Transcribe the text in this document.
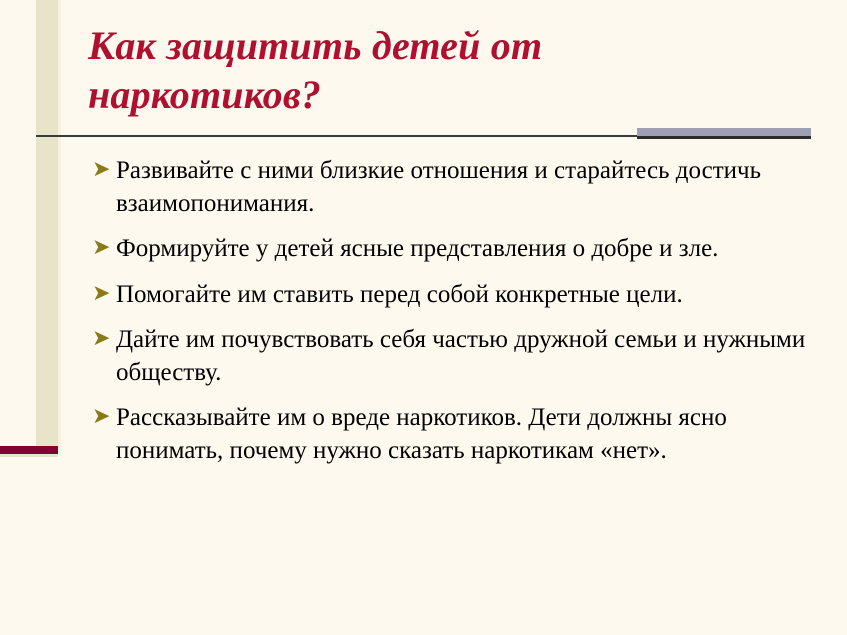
Как защитить детей от наркотиков?
➤ Развивайте с ними близкие отношения и старайтесь достичь взаимопонимания.
➤ Формируйте у детей ясные представления о добре и зле.
➤ Помогайте им ставить перед собой конкретные цели.
➤ Дайте им почувствовать себя частью дружной семьи и нужными обществу.
➤ Рассказывайте им о вреде наркотиков. Дети должны ясно понимать, почему нужно сказать наркотикам «нет».
